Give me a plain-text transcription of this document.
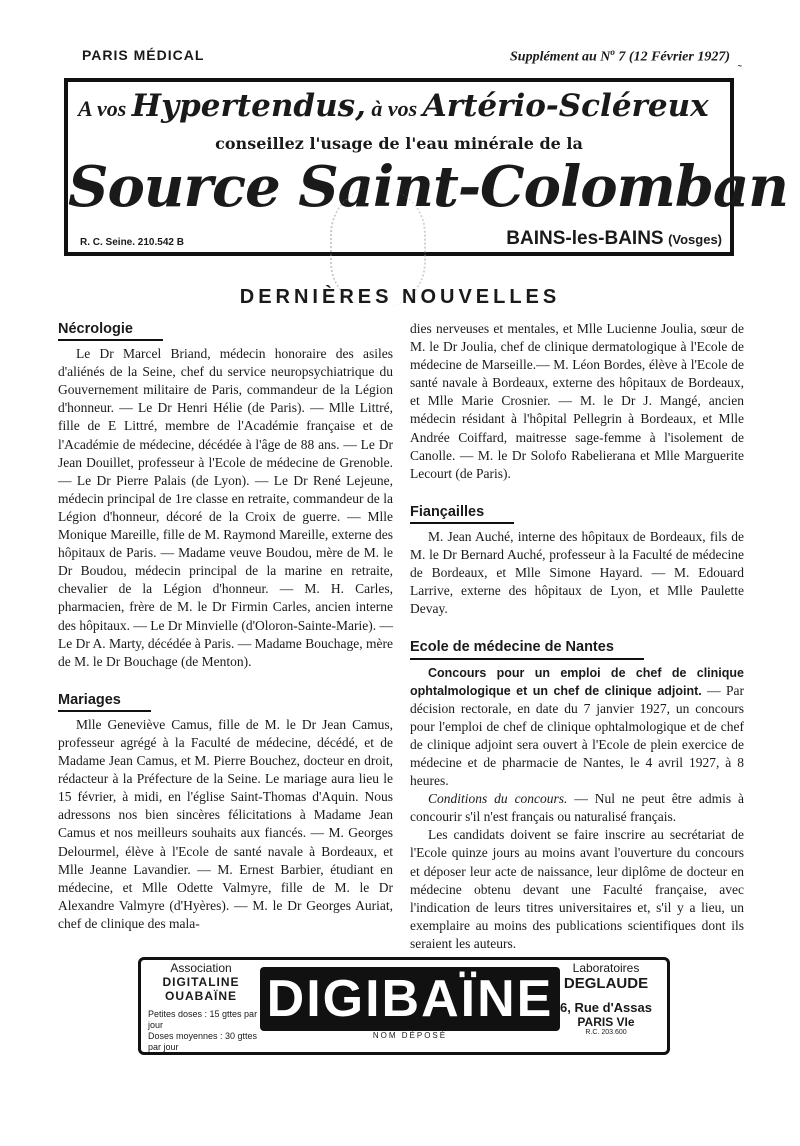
PARIS MÉDICAL	Supplément au $N^o$ 7 (12 Février 1927) ˷
A vos Hypertendus, à vos Artério-Scléreux
conseillez l'usage de l'eau minérale de la
Source Saint-Colomban
R. C. Seine. 210.542 B	BAINS-les-BAINS (Vosges)
DERNIÈRES NOUVELLES
Nécrologie

Le Dr Marcel Briand, médecin honoraire des asiles d'aliénés de la Seine, chef du service neuropsychiatrique du Gouvernement militaire de Paris, commandeur de la Légion d'honneur. — Le Dr Henri Hélie (de Paris). — Mlle Littré, fille de E Littré, membre de l'Académie française et de l'Académie de médecine, décédée à l'âge de 88 ans. — Le Dr Jean Douillet, professeur à l'Ecole de médecine de Grenoble. — Le Dr Pierre Palais (de Lyon). — Le Dr René Lejeune, médecin principal de 1re classe en retraite, commandeur de la Légion d'honneur, décoré de la Croix de guerre. — Mlle Monique Mareille, fille de M. Raymond Mareille, externe des hôpitaux de Paris. — Madame veuve Boudou, mère de M. le Dr Boudou, médecin principal de la marine en retraite, chevalier de la Légion d'honneur. — M. H. Carles, pharmacien, frère de M. le Dr Firmin Carles, ancien interne des hôpitaux. — Le Dr Minvielle (d'Oloron-Sainte-Marie). — Le Dr A. Marty, décédée à Paris. — Madame Bouchage, mère de M. le Dr Bouchage (de Menton).

Mariages

Mlle Geneviève Camus, fille de M. le Dr Jean Camus, professeur agrégé à la Faculté de médecine, décédé, et de Madame Jean Camus, et M. Pierre Bouchez, docteur en droit, rédacteur à la Préfecture de la Seine. Le mariage aura lieu le 15 février, à midi, en l'église Saint-Thomas d'Aquin. Nous adressons nos bien sincères félicitations à Madame Jean Camus et nos meilleurs souhaits aux fiancés. — M. Georges Delourmel, élève à l'Ecole de santé navale à Bordeaux, et Mlle Jeanne Lavandier. — M. Ernest Barbier, étudiant en médecine, et Mlle Odette Valmyre, fille de M. le Dr Alexandre Valmyre (d'Hyères). — M. le Dr Georges Auriat, chef de clinique des mala-

dies nerveuses et mentales, et Mlle Lucienne Joulia, sœur de M. le Dr Joulia, chef de clinique dermatologique à l'Ecole de médecine de Marseille.— M. Léon Bordes, élève à l'Ecole de santé navale à Bordeaux, externe des hôpitaux de Bordeaux, et Mlle Marie Crosnier. — M. le Dr J. Mangé, ancien médecin résidant à l'hôpital Pellegrin à Bordeaux, et Mlle Andrée Coiffard, maitresse sage-femme à l'isolement de Canolle. — M. le Dr Solofo Rabelierana et Mlle Marguerite Lecourt (de Paris).

Fiançailles

M. Jean Auché, interne des hôpitaux de Bordeaux, fils de M. le Dr Bernard Auché, professeur à la Faculté de médecine de Bordeaux, et Mlle Simone Hayard. — M. Edouard Larrive, externe des hôpitaux de Lyon, et Mlle Paulette Devay.

Ecole de médecine de Nantes

Concours pour un emploi de chef de clinique ophtalmologique et un chef de clinique adjoint. — Par décision rectorale, en date du 7 janvier 1927, un concours pour l'emploi de chef de clinique ophtalmologique et de chef de clinique adjoint sera ouvert à l'Ecole de plein exercice de médecine et de pharmacie de Nantes, le 4 avril 1927, à 8 heures.

Conditions du concours. — Nul ne peut être admis à concourir s'il n'est français ou naturalisé français.

Les candidats doivent se faire inscrire au secrétariat de l'Ecole quinze jours au moins avant l'ouverture du concours et déposer leur acte de naissance, leur diplôme de docteur en médecine obtenu devant une Faculté française, avec l'indication de leurs titres universitaires et, s'il y a lieu, un exemplaire au moins des publications scientifiques dont ils seraient les auteurs.

Association
DIGITALINE
OUABAÏNE
Petites doses : 15 gttes par jour
Doses moyennes : 30 gttes par jour
DIGIBAÏNE
NOM DÉPOSÉ
Laboratoires
DEGLAUDE
6, Rue d'Assas
PARIS VIe
R.C. 203.600
